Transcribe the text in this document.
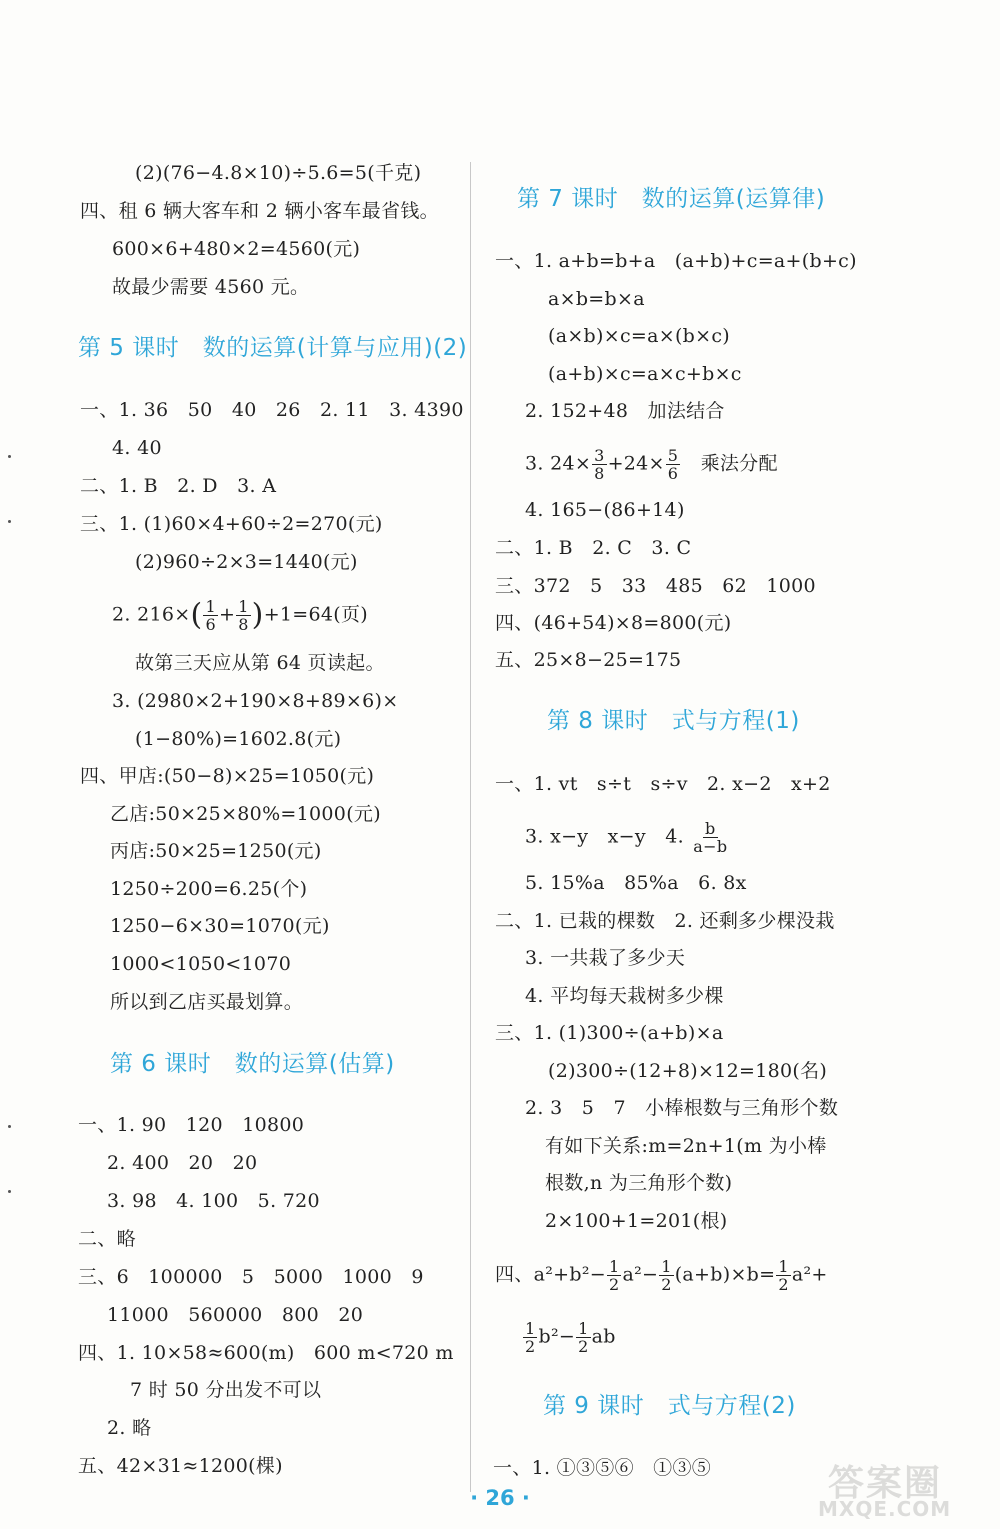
(2)(76−4.8×10)÷5.6=5(千克)
四、租 6 辆大客车和 2 辆小客车最省钱。
600×6+480×2=4560(元)
故最少需要 4560 元。
第 5 课时　数的运算(计算与应用)(2)
一、1. 36　50　40　26　2. 11　3. 4390
4. 40
二、1. B　2. D　3. A
三、1. (1)60×4+60÷2=270(元)
(2)960÷2×3=1440(元)
2. $216\times( \frac{1}{6} + \frac{1}{8} )+1=64$(页)
故第三天应从第 64 页读起。
3. (2980×2+190×8+89×6)×
(1−80%)=1602.8(元)
四、甲店:(50−8)×25=1050(元)
乙店:50×25×80%=1000(元)
丙店:50×25=1250(元)
1250÷200=6.25(个)
1250−6×30=1070(元)
1000<1050<1070
所以到乙店买最划算。
第 6 课时　数的运算(估算)
一、1. 90　120　10800
2. 400　20　20
3. 98　4. 100　5. 720
二、略
三、6　100000　5　5000　1000　9
11000　560000　800　20
四、1. 10×58≈600(m)　600 m<720 m
7 时 50 分出发不可以
2. 略
五、42×31≈1200(棵)
第 7 课时　数的运算(运算律)
一、1. a+b=b+a　(a+b)+c=a+(b+c)
a×b=b×a
(a×b)×c=a×(b×c)
(a+b)×c=a×c+b×c
2. 152+48　加法结合
3. $24\times \frac{3}{8} +24\times \frac{5}{6}$ 　乘法分配
4. 165−(86+14)
二、1. B　2. C　3. C
三、372　5　33　485　62　1000
四、(46+54)×8=800(元)
五、25×8−25=175
第 8 课时　式与方程(1)
一、1. vt　s÷t　s÷v　2. x−2　x+2
3. x−y　x−y　4. $\frac{b}{a-b}$
5. 15%a　85%a　6. 8x
二、1. 已栽的棵数　2. 还剩多少棵没栽
3. 一共栽了多少天
4. 平均每天栽树多少棵
三、1. (1)300÷(a+b)×a
(2)300÷(12+8)×12=180(名)
2. 3　5　7　小棒根数与三角形个数
有如下关系:m=2n+1(m 为小棒
根数,n 为三角形个数)
2×100+1=201(根)
四、$a^2+b^2- \frac{1}{2} a^2- \frac{1}{2} (a+b)\times b= \frac{1}{2} a^2+$
$\frac{1}{2} b^2- \frac{1}{2}$ ab
第 9 课时　式与方程(2)
一、1. ①③⑤⑥　①③⑤
· 26 ·	答案圈
MXQE.COM
